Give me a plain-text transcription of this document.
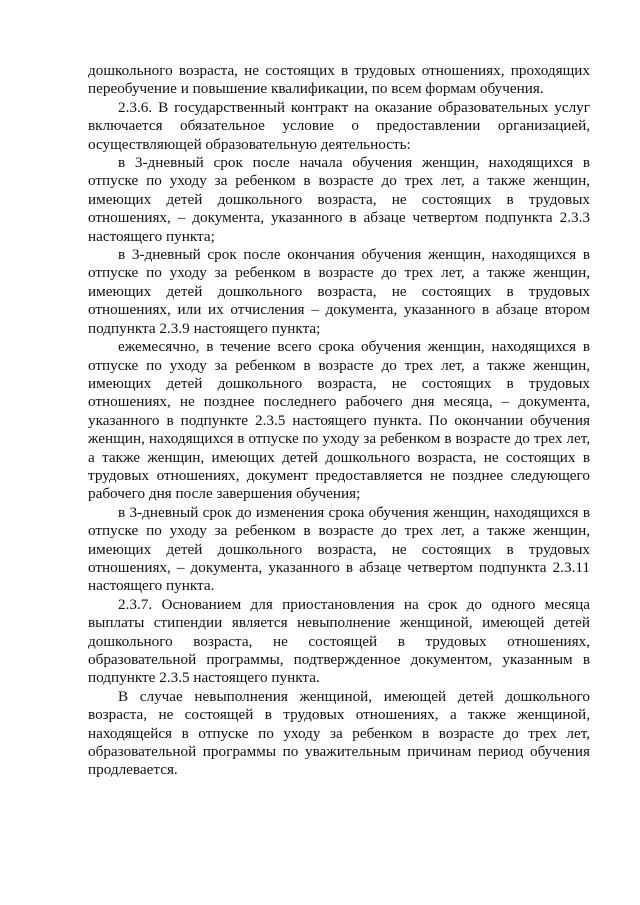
дошкольного возраста, не состоящих в трудовых отношениях, проходящих переобучение и повышение квалификации, по всем формам обучения.

2.3.6. В государственный контракт на оказание образовательных услуг включается обязательное условие о предоставлении организацией, осуществляющей образовательную деятельность:

в 3-дневный срок после начала обучения женщин, находящихся в отпуске по уходу за ребенком в возрасте до трех лет, а также женщин, имеющих детей дошкольного возраста, не состоящих в трудовых отношениях, – документа, указанного в абзаце четвертом подпункта 2.3.3 настоящего пункта;

в 3-дневный срок после окончания обучения женщин, находящихся в отпуске по уходу за ребенком в возрасте до трех лет, а также женщин, имеющих детей дошкольного возраста, не состоящих в трудовых отношениях, или их отчисления – документа, указанного в абзаце втором подпункта 2.3.9 настоящего пункта;

ежемесячно, в течение всего срока обучения женщин, находящихся в отпуске по уходу за ребенком в возрасте до трех лет, а также женщин, имеющих детей дошкольного возраста, не состоящих в трудовых отношениях, не позднее последнего рабочего дня месяца, – документа, указанного в подпункте 2.3.5 настоящего пункта. По окончании обучения женщин, находящихся в отпуске по уходу за ребенком в возрасте до трех лет, а также женщин, имеющих детей дошкольного возраста, не состоящих в трудовых отношениях, документ предоставляется не позднее следующего рабочего дня после завершения обучения;

в 3-дневный срок до изменения срока обучения женщин, находящихся в отпуске по уходу за ребенком в возрасте до трех лет, а также женщин, имеющих детей дошкольного возраста, не состоящих в трудовых отношениях, – документа, указанного в абзаце четвертом подпункта 2.3.11 настоящего пункта.

2.3.7. Основанием для приостановления на срок до одного месяца выплаты стипендии является невыполнение женщиной, имеющей детей дошкольного возраста, не состоящей в трудовых отношениях, образовательной программы, подтвержденное документом, указанным в подпункте 2.3.5 настоящего пункта.

В случае невыполнения женщиной, имеющей детей дошкольного возраста, не состоящей в трудовых отношениях, а также женщиной, находящейся в отпуске по уходу за ребенком в возрасте до трех лет, образовательной программы по уважительным причинам период обучения продлевается.
